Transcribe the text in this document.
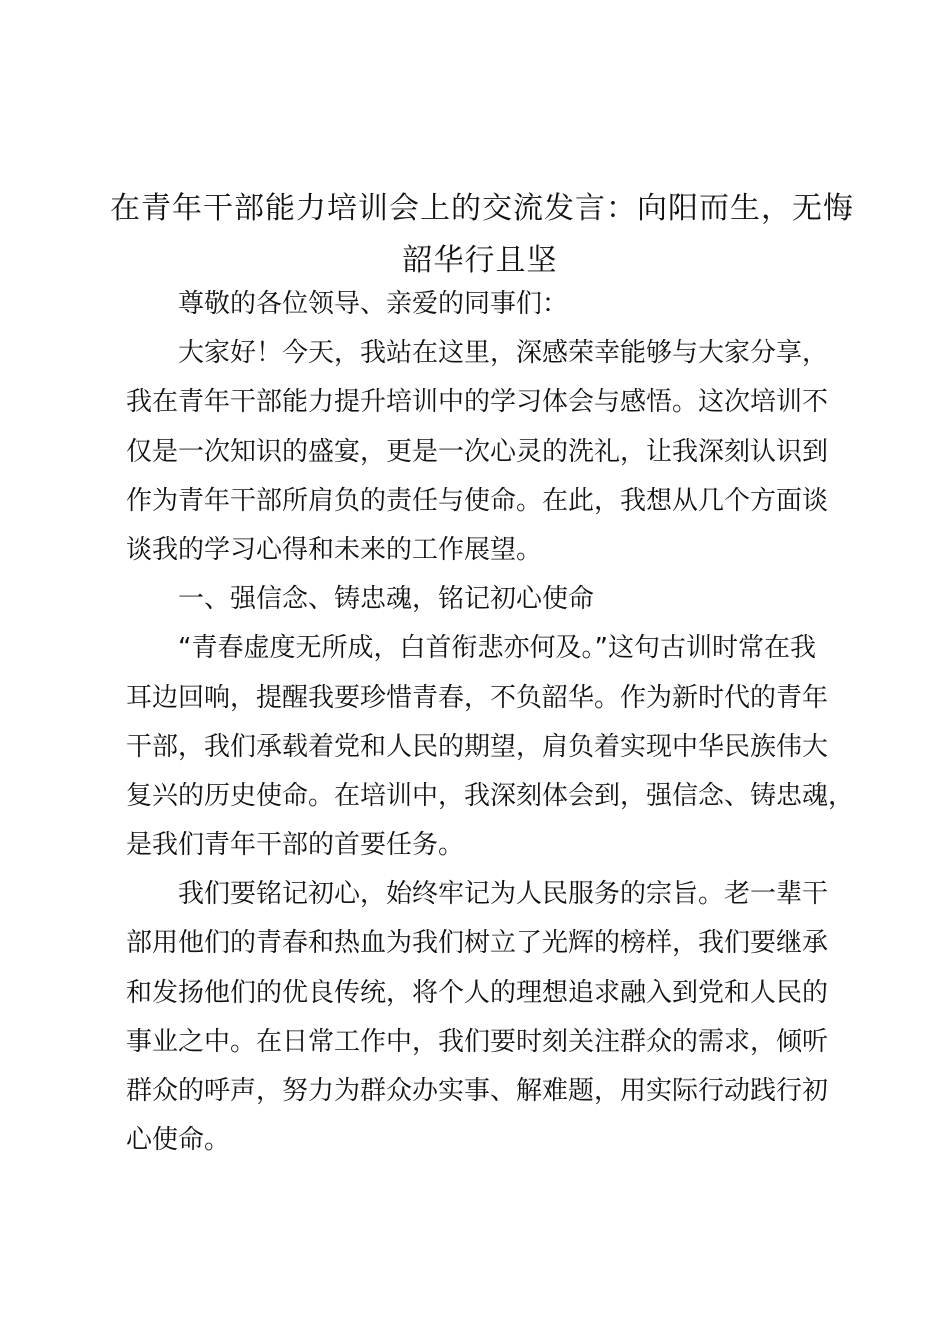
在青年干部能力培训会上的交流发言：向阳而生，无悔
韶华行且坚
尊敬的各位领导、亲爱的同事们：
大家好！今天，我站在这里，深感荣幸能够与大家分享，
我在青年干部能力提升培训中的学习体会与感悟。这次培训不
仅是一次知识的盛宴，更是一次心灵的洗礼，让我深刻认识到
作为青年干部所肩负的责任与使命。在此，我想从几个方面谈
谈我的学习心得和未来的工作展望。
一、强信念、铸忠魂，铭记初心使命
“青春虚度无所成，白首衔悲亦何及。”这句古训时常在我
耳边回响，提醒我要珍惜青春，不负韶华。作为新时代的青年
干部，我们承载着党和人民的期望，肩负着实现中华民族伟大
复兴的历史使命。在培训中，我深刻体会到，强信念、铸忠魂，
是我们青年干部的首要任务。
我们要铭记初心，始终牢记为人民服务的宗旨。老一辈干
部用他们的青春和热血为我们树立了光辉的榜样，我们要继承
和发扬他们的优良传统，将个人的理想追求融入到党和人民的
事业之中。在日常工作中，我们要时刻关注群众的需求，倾听
群众的呼声，努力为群众办实事、解难题，用实际行动践行初
心使命。
